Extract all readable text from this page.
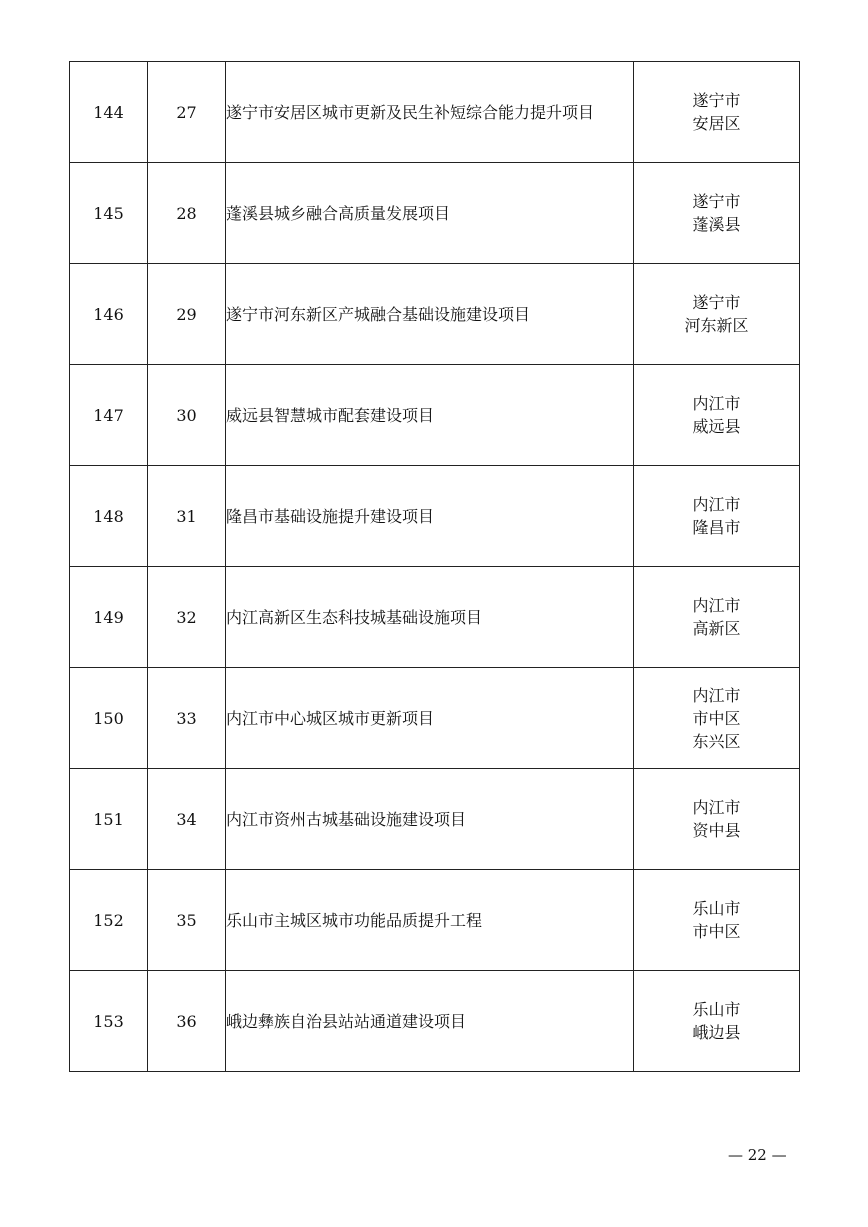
144	27	遂宁市安居区城市更新及民生补短综合能力提升项目	遂宁市
安居区

145	28	蓬溪县城乡融合高质量发展项目	遂宁市
蓬溪县

146	29	遂宁市河东新区产城融合基础设施建设项目	遂宁市
河东新区

147	30	威远县智慧城市配套建设项目	内江市
威远县

148	31	隆昌市基础设施提升建设项目	内江市
隆昌市

149	32	内江高新区生态科技城基础设施项目	内江市
高新区

150	33	内江市中心城区城市更新项目	内江市
市中区
东兴区

151	34	内江市资州古城基础设施建设项目	内江市
资中县

152	35	乐山市主城区城市功能品质提升工程	乐山市
市中区

153	36	峨边彝族自治县站站通道建设项目	乐山市
峨边县
— 22 —
